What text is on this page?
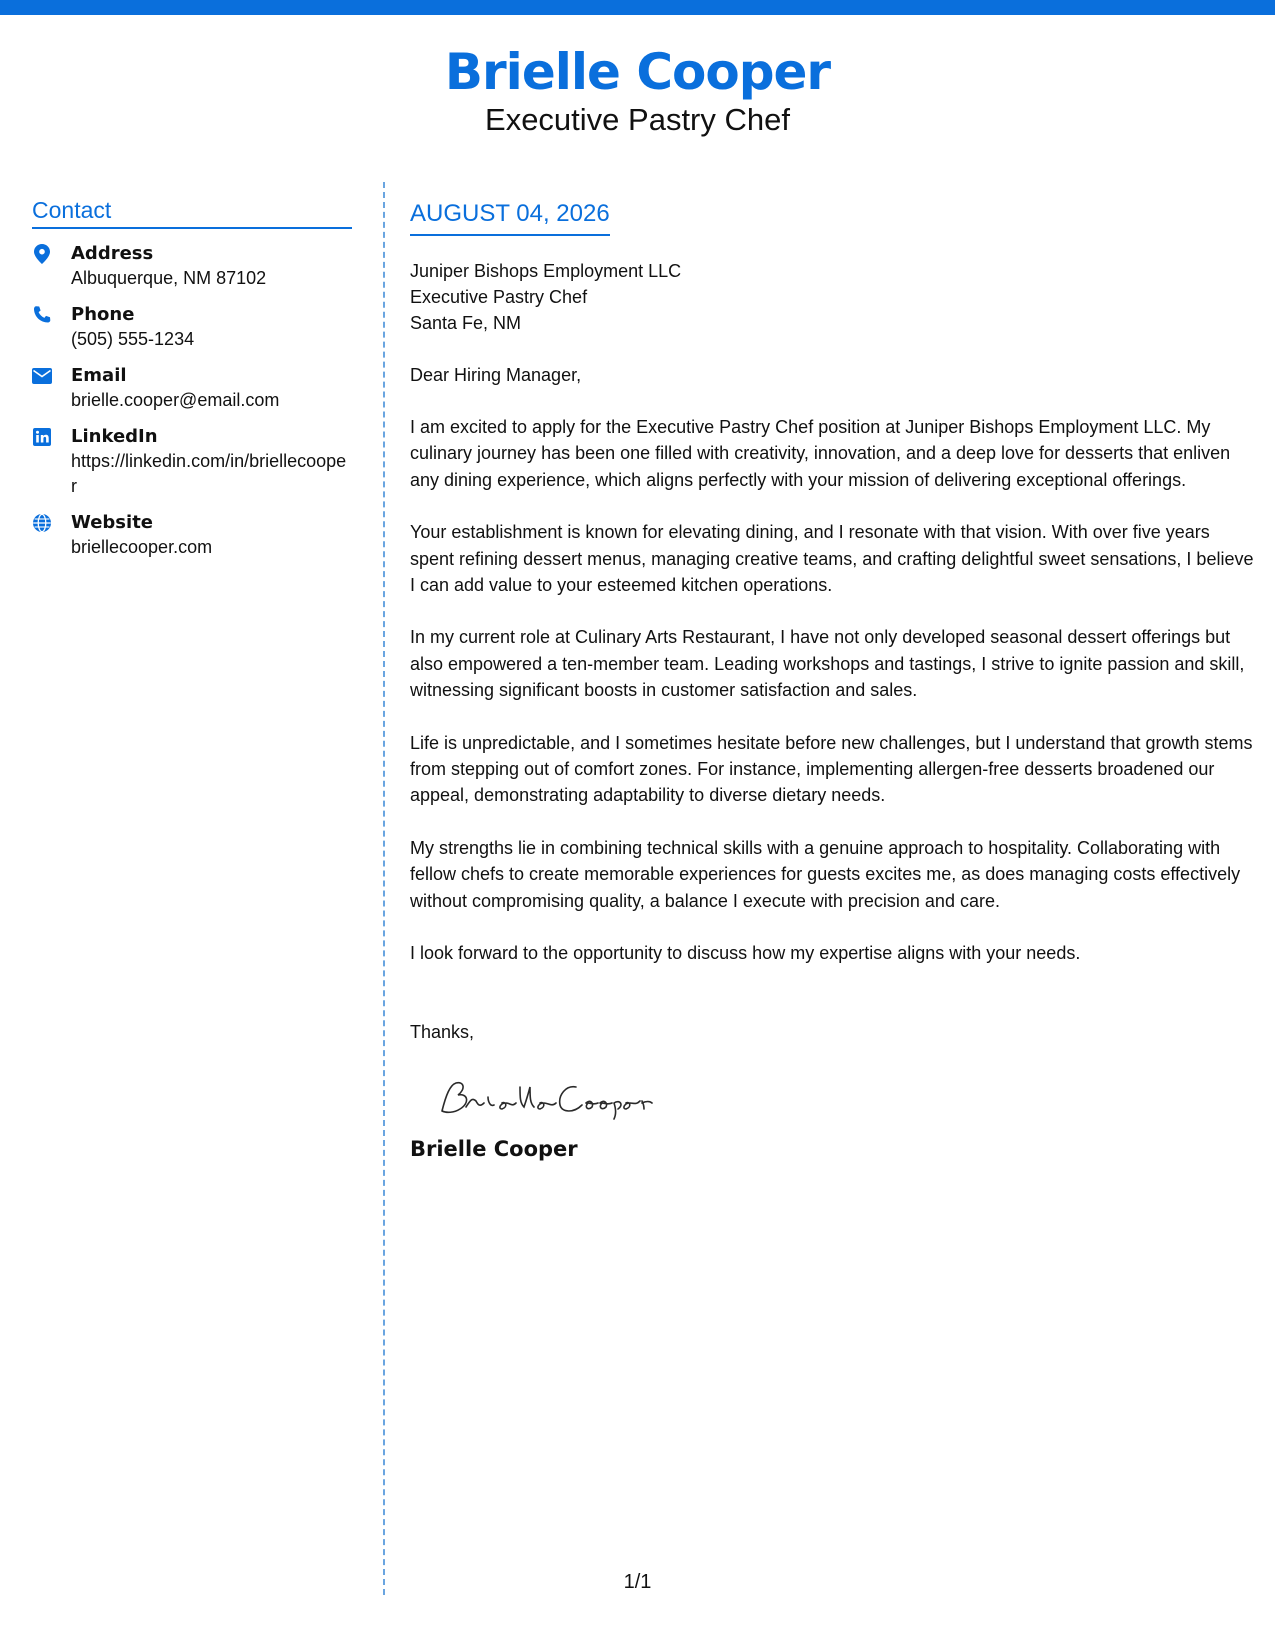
Brielle Cooper
Executive Pastry Chef
Contact
Address
Albuquerque, NM 87102
Phone
(505) 555-1234
Email
brielle.cooper@email.com
LinkedIn
https://linkedin.com/in/briellecooper
Website
briellecooper.com
AUGUST 04, 2026
Juniper Bishops Employment LLC
Executive Pastry Chef
Santa Fe, NM
Dear Hiring Manager,

I am excited to apply for the Executive Pastry Chef position at Juniper Bishops Employment LLC. My culinary journey has been one filled with creativity, innovation, and a deep love for desserts that enliven any dining experience, which aligns perfectly with your mission of delivering exceptional offerings.

Your establishment is known for elevating dining, and I resonate with that vision. With over five years spent refining dessert menus, managing creative teams, and crafting delightful sweet sensations, I believe I can add value to your esteemed kitchen operations.

In my current role at Culinary Arts Restaurant, I have not only developed seasonal dessert offerings but also empowered a ten-member team. Leading workshops and tastings, I strive to ignite passion and skill, witnessing significant boosts in customer satisfaction and sales.

Life is unpredictable, and I sometimes hesitate before new challenges, but I understand that growth stems from stepping out of comfort zones. For instance, implementing allergen-free desserts broadened our appeal, demonstrating adaptability to diverse dietary needs.

My strengths lie in combining technical skills with a genuine approach to hospitality. Collaborating with fellow chefs to create memorable experiences for guests excites me, as does managing costs effectively without compromising quality, a balance I execute with precision and care.

I look forward to the opportunity to discuss how my expertise aligns with your needs.

Thanks,
Brielle Cooper
1/1
